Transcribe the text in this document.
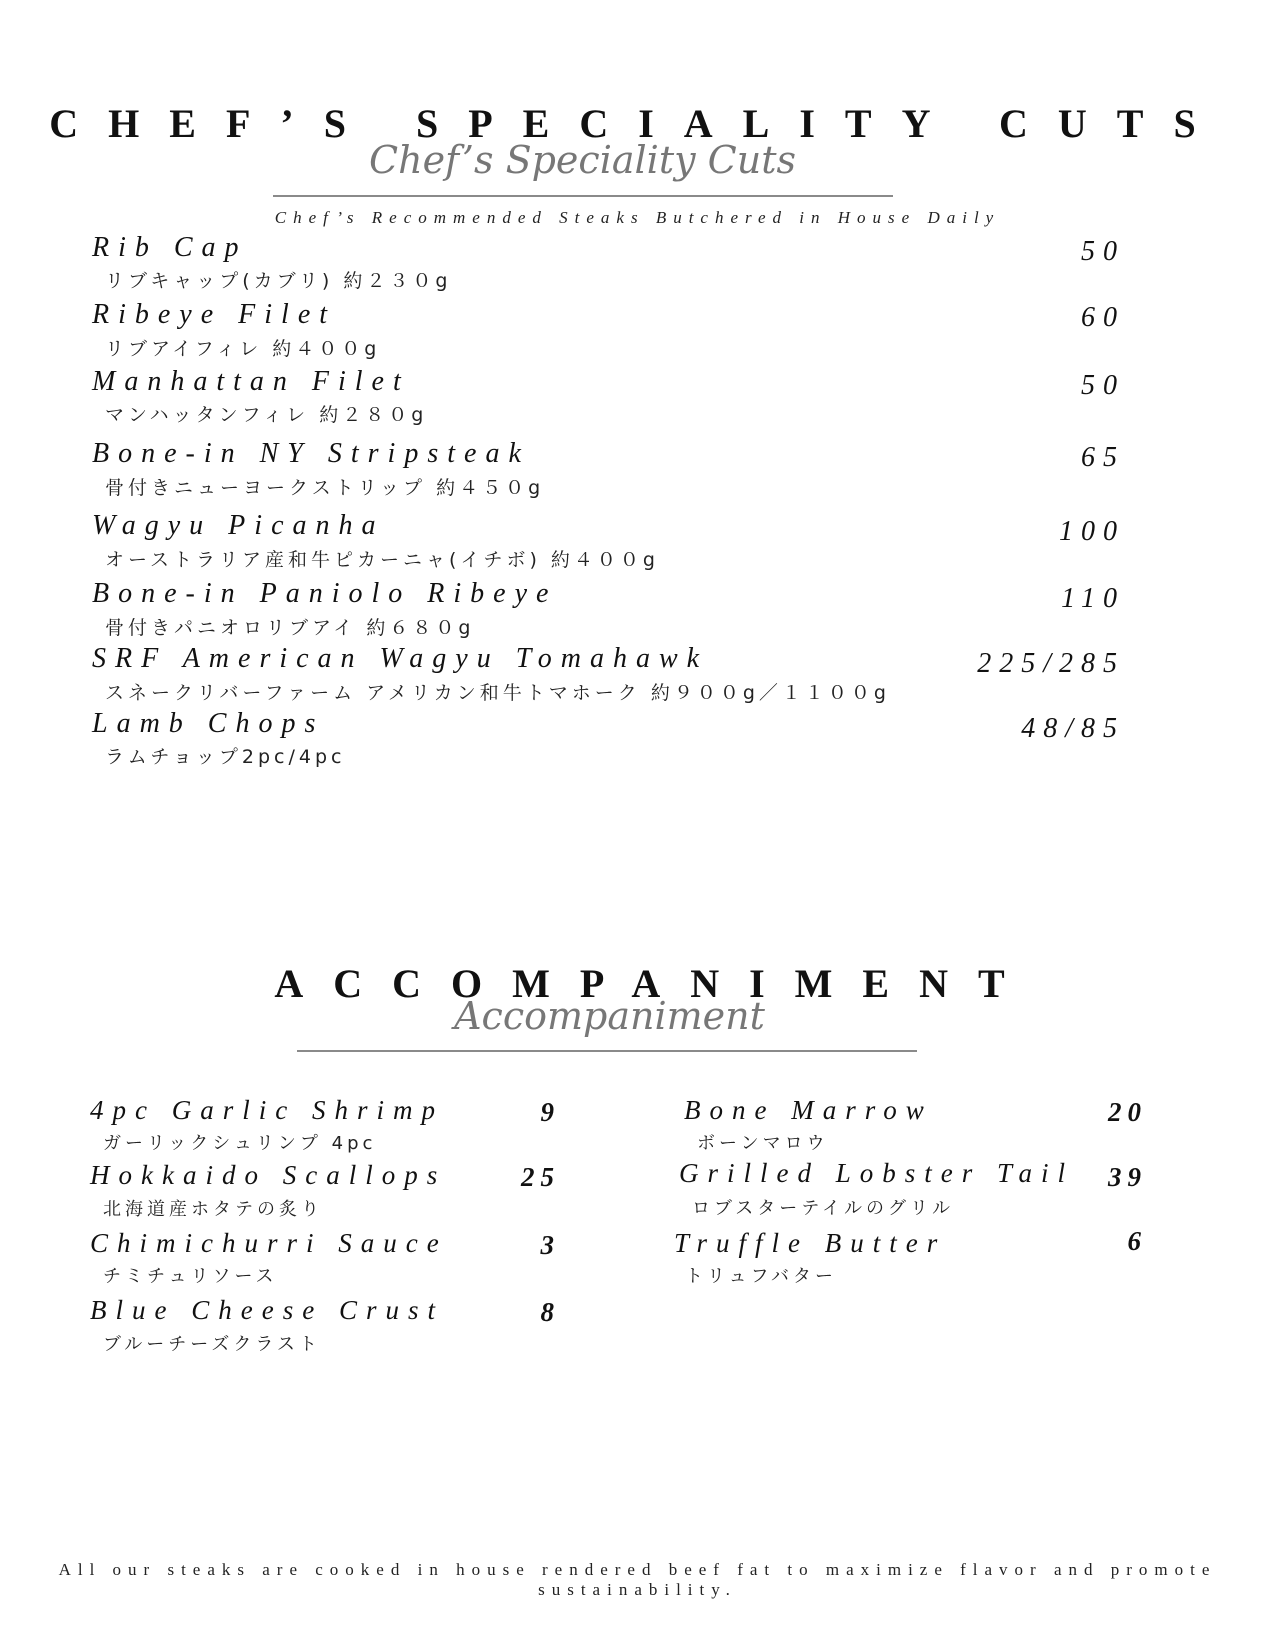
CHEF’S SPECIALITY CUTS
Chef’s Speciality Cuts
Chef’s Recommended Steaks Butchered in House Daily
Rib Cap
リブキャップ(カブリ) 約２３０g
50
Ribeye Filet
リブアイフィレ 約４００g
60
Manhattan Filet
マンハッタンフィレ 約２８０g
50
Bone-in NY Stripsteak
骨付きニューヨークストリップ 約４５０g
65
Wagyu Picanha
オーストラリア産和牛ピカーニャ(イチボ) 約４００g
100
Bone-in Paniolo Ribeye
骨付きパニオロリブアイ 約６８０g
110
SRF American Wagyu Tomahawk
スネークリバーファーム アメリカン和牛トマホーク 約９００g／１１００g
225/285
Lamb Chops
ラムチョップ2pc/4pc
48/85
ACCOMPANIMENT
Accompaniment
4pc Garlic Shrimp
ガーリックシュリンプ 4pc
9
Hokkaido Scallops
北海道産ホタテの炙り
25
Chimichurri Sauce
チミチュリソース
3
Blue Cheese Crust
ブルーチーズクラスト
8
Bone Marrow
ボーンマロウ
20
Grilled Lobster Tail
ロブスターテイルのグリル
39
Truffle Butter
トリュフバター
6
All our steaks are cooked in house rendered beef fat to maximize flavor and promote sustainability.
